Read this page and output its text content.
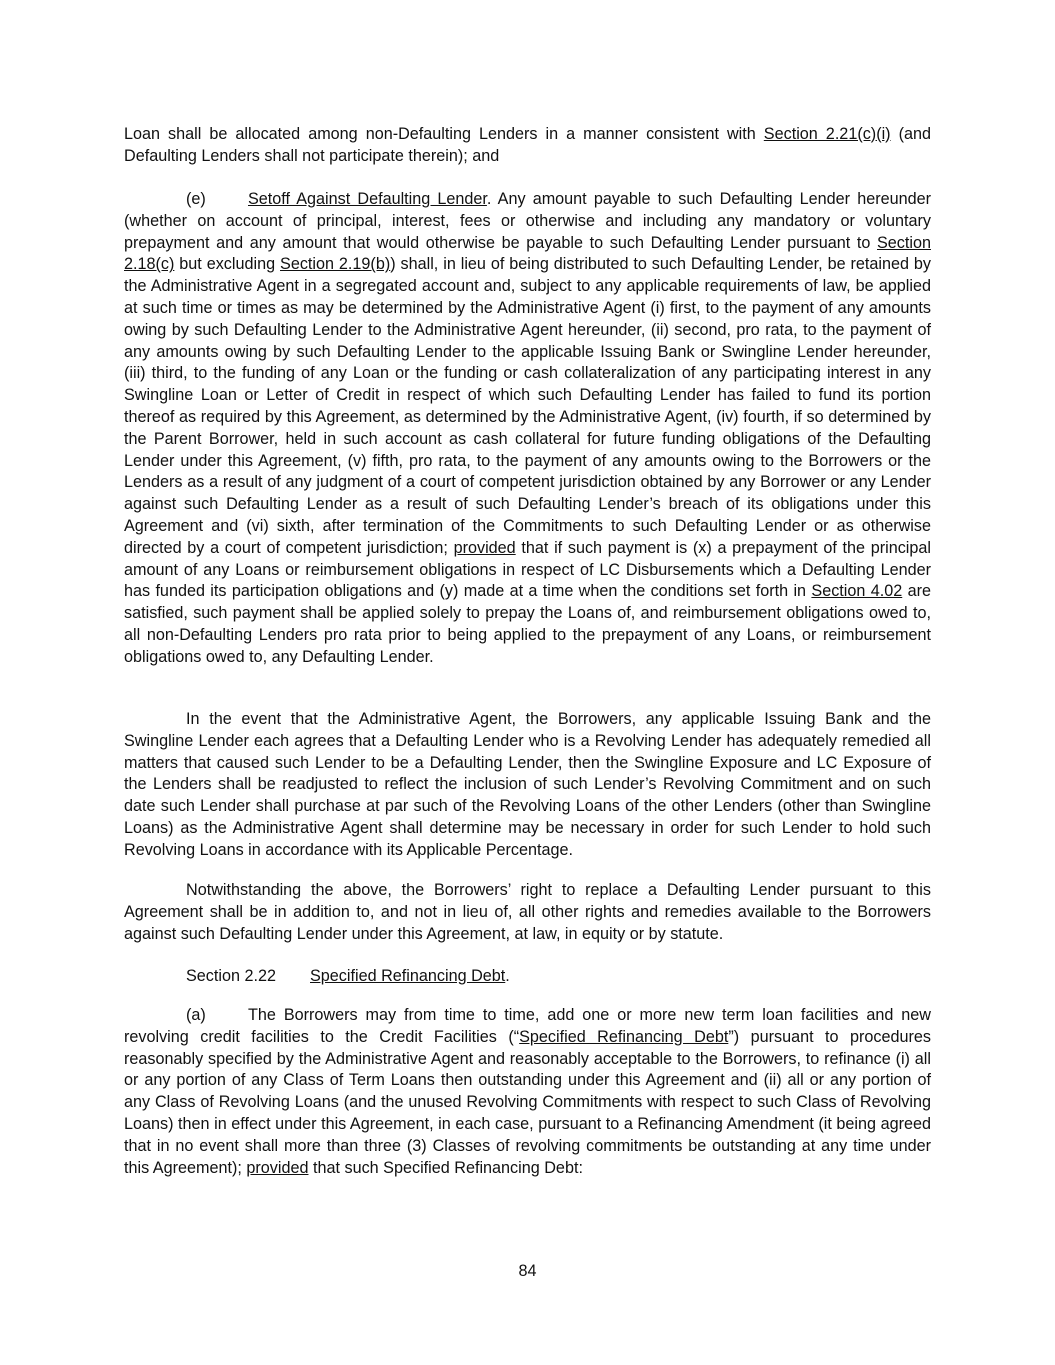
Loan shall be allocated among non-Defaulting Lenders in a manner consistent with Section 2.21(c)(i) (and Defaulting Lenders shall not participate therein); and

(e)	Setoff Against Defaulting Lender. Any amount payable to such Defaulting Lender hereunder (whether on account of principal, interest, fees or otherwise and including any mandatory or voluntary prepayment and any amount that would otherwise be payable to such Defaulting Lender pursuant to Section 2.18(c) but excluding Section 2.19(b)) shall, in lieu of being distributed to such Defaulting Lender, be retained by the Administrative Agent in a segregated account and, subject to any applicable requirements of law, be applied at such time or times as may be determined by the Administrative Agent (i) first, to the payment of any amounts owing by such Defaulting Lender to the Administrative Agent hereunder, (ii) second, pro rata, to the payment of any amounts owing by such Defaulting Lender to the applicable Issuing Bank or Swingline Lender hereunder, (iii) third, to the funding of any Loan or the funding or cash collateralization of any participating interest in any Swingline Loan or Letter of Credit in respect of which such Defaulting Lender has failed to fund its portion thereof as required by this Agreement, as determined by the Administrative Agent, (iv) fourth, if so determined by the Parent Borrower, held in such account as cash collateral for future funding obligations of the Defaulting Lender under this Agreement, (v) fifth, pro rata, to the payment of any amounts owing to the Borrowers or the Lenders as a result of any judgment of a court of competent jurisdiction obtained by any Borrower or any Lender against such Defaulting Lender as a result of such Defaulting Lender’s breach of its obligations under this Agreement and (vi) sixth, after termination of the Commitments to such Defaulting Lender or as otherwise directed by a court of competent jurisdiction; provided that if such payment is (x) a prepayment of the principal amount of any Loans or reimbursement obligations in respect of LC Disbursements which a Defaulting Lender has funded its participation obligations and (y) made at a time when the conditions set forth in Section 4.02 are satisfied, such payment shall be applied solely to prepay the Loans of, and reimbursement obligations owed to, all non-Defaulting Lenders pro rata prior to being applied to the prepayment of any Loans, or reimbursement obligations owed to, any Defaulting Lender.

In the event that the Administrative Agent, the Borrowers, any applicable Issuing Bank and the Swingline Lender each agrees that a Defaulting Lender who is a Revolving Lender has adequately remedied all matters that caused such Lender to be a Defaulting Lender, then the Swingline Exposure and LC Exposure of the Lenders shall be readjusted to reflect the inclusion of such Lender’s Revolving Commitment and on such date such Lender shall purchase at par such of the Revolving Loans of the other Lenders (other than Swingline Loans) as the Administrative Agent shall determine may be necessary in order for such Lender to hold such Revolving Loans in accordance with its Applicable Percentage.

Notwithstanding the above, the Borrowers’ right to replace a Defaulting Lender pursuant to this Agreement shall be in addition to, and not in lieu of, all other rights and remedies available to the Borrowers against such Defaulting Lender under this Agreement, at law, in equity or by statute.

Section 2.22 Specified Refinancing Debt.

(a)	The Borrowers may from time to time, add one or more new term loan facilities and new revolving credit facilities to the Credit Facilities (“Specified Refinancing Debt”) pursuant to procedures reasonably specified by the Administrative Agent and reasonably acceptable to the Borrowers, to refinance (i) all or any portion of any Class of Term Loans then outstanding under this Agreement and (ii) all or any portion of any Class of Revolving Loans (and the unused Revolving Commitments with respect to such Class of Revolving Loans) then in effect under this Agreement, in each case, pursuant to a Refinancing Amendment (it being agreed that in no event shall more than three (3) Classes of revolving commitments be outstanding at any time under this Agreement); provided that such Specified Refinancing Debt:

84
